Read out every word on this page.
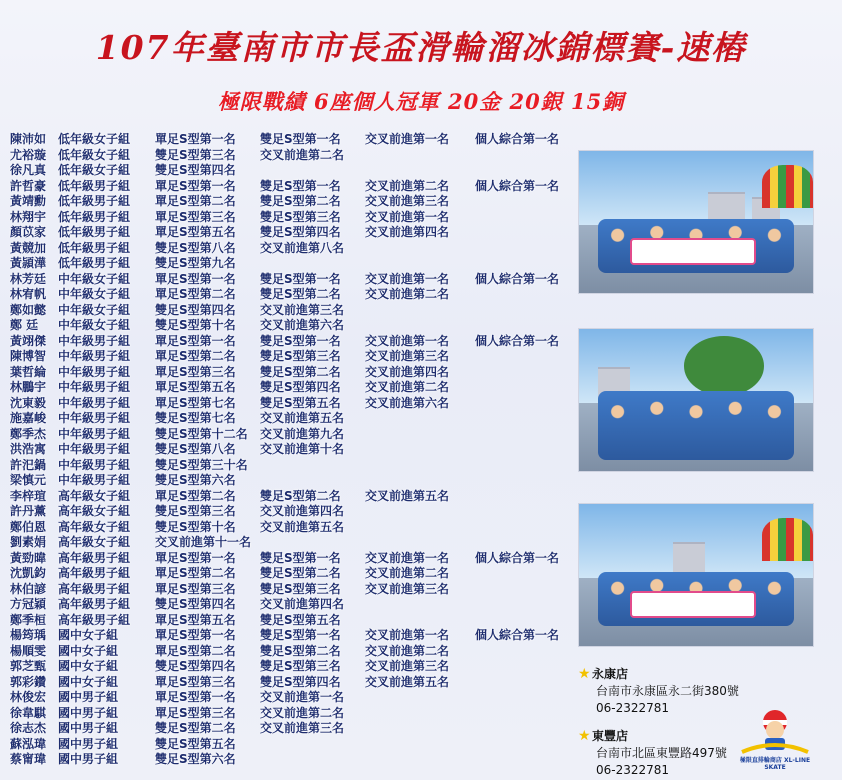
107年臺南市市長盃滑輪溜冰錦標賽-速樁
極限戰績 6座個人冠軍 20金 20銀 15銅
陳沛如 低年級女子組 單足S型第一名 雙足S型第一名 交叉前進第一名 個人綜合第一名
尤裕璇 低年級女子組 雙足S型第三名 交叉前進第二名
徐凡真 低年級女子組 雙足S型第四名
許哲豪 低年級男子組 單足S型第一名 雙足S型第一名 交叉前進第二名 個人綜合第一名
黃靖勳 低年級男子組 單足S型第二名 雙足S型第二名 交叉前進第三名
林翔宇 低年級男子組 單足S型第三名 雙足S型第三名 交叉前進第一名
顏苡家 低年級男子組 單足S型第五名 雙足S型第四名 交叉前進第四名
黃競加 低年級男子組 雙足S型第八名 交叉前進第八名
黃頴澕 低年級男子組 雙足S型第九名
林芳廷 中年級女子組 單足S型第一名 雙足S型第一名 交叉前進第一名 個人綜合第一名
林宥帆 中年級女子組 單足S型第二名 雙足S型第二名 交叉前進第二名
鄭如懿 中年級女子組 雙足S型第四名 交叉前進第三名
鄭 廷 中年級女子組 雙足S型第十名 交叉前進第六名
黃翊傑 中年級男子組 單足S型第一名 雙足S型第一名 交叉前進第一名 個人綜合第一名
陳博智 中年級男子組 單足S型第二名 雙足S型第三名 交叉前進第三名
葉哲綸 中年級男子組 單足S型第三名 雙足S型第二名 交叉前進第四名
林鵬宇 中年級男子組 單足S型第五名 雙足S型第四名 交叉前進第二名
沈東毅 中年級男子組 單足S型第七名 雙足S型第五名 交叉前進第六名
施嘉峻 中年級男子組 雙足S型第七名 交叉前進第五名
鄭季杰 中年級男子組 雙足S型第十二名 交叉前進第九名
洪浩寓 中年級男子組 雙足S型第八名 交叉前進第十名
許汜鍋 中年級男子組 雙足S型第三十名
梁慎元 中年級男子組 雙足S型第六名
李梓瑄 高年級女子組 單足S型第二名 雙足S型第二名 交叉前進第五名
許丹薰 高年級女子組 雙足S型第三名 交叉前進第四名
鄭伯恩 高年級女子組 雙足S型第十名 交叉前進第五名
劉素娟 高年級女子組 交叉前進第十一名
黃勁暐 高年級男子組 單足S型第一名 雙足S型第一名 交叉前進第一名 個人綜合第一名
沈凱鈞 高年級男子組 單足S型第二名 雙足S型第二名 交叉前進第二名
林伯諺 高年級男子組 單足S型第三名 雙足S型第三名 交叉前進第三名
方冠穎 高年級男子組 雙足S型第四名 交叉前進第四名
鄭季桓 高年級男子組 單足S型第五名 雙足S型第五名
楊筠瑀 國中女子組	單足S型第一名 雙足S型第一名 交叉前進第一名 個人綜合第一名
楊順雯 國中女子組	單足S型第二名 雙足S型第二名 交叉前進第二名
郭芝甄 國中女子組	雙足S型第四名 雙足S型第三名 交叉前進第三名
郭彩鑽 國中女子組	單足S型第三名 雙足S型第四名 交叉前進第五名
林俊宏 國中男子組	單足S型第一名 交叉前進第一名
徐韋騏 國中男子組	單足S型第三名 交叉前進第二名
徐志杰 國中男子組	雙足S型第二名 交叉前進第三名
蘇泓瑋 國中男子組	雙足S型第五名
蔡甯瑋 國中男子組	雙足S型第六名
★ 永康店
台南市永康區永二街380號
06-2322781
★ 東豐店
台南市北區東豐路497號
06-2322781
極限直排輪商店 XL-LINE SKATE
